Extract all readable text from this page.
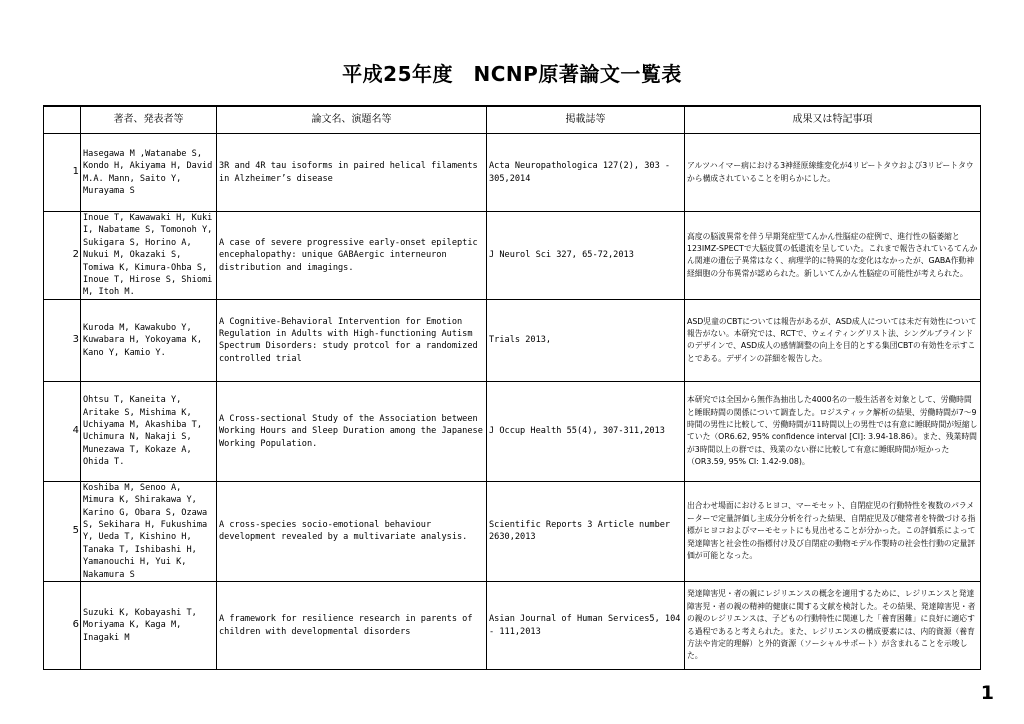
平成25年度　NCNP原著論文一覧表
	著者、発表者等	論文名、演題名等	掲載誌等	成果又は特記事項
1	Hasegawa M ,Watanabe S, Kondo H, Akiyama H, David M.A. Mann, Saito Y, Murayama S	3R and 4R tau isoforms in paired helical filaments in Alzheimer’s disease	Acta Neuropathologica 127(2), 303 - 305,2014	アルツハイマー病における3神経原線維変化が4リピートタウおよび3リピートタウから構成されていることを明らかにした。
2	Inoue T, Kawawaki H, Kuki I, Nabatame S, Tomonoh Y, Sukigara S, Horino A, Nukui M, Okazaki S, Tomiwa K, Kimura-Ohba S, Inoue T, Hirose S, Shiomi M, Itoh M.	A case of severe progressive early-onset epileptic encephalopathy: unique GABAergic interneuron distribution and imagings.	J Neurol Sci 327, 65-72,2013	高度の脳波異常を伴う早期発症型てんかん性脳症の症例で、進行性の脳萎縮と123IMZ-SPECTで大脳皮質の低還流を呈していた。これまで報告されているてんかん関連の遺伝子異常はなく、病理学的に特異的な変化はなかったが、GABA作動神経細胞の分布異常が認められた。新しいてんかん性脳症の可能性が考えられた。
3	Kuroda M, Kawakubo Y, Kuwabara H, Yokoyama K, Kano Y, Kamio Y.	A Cognitive-Behavioral Intervention for Emotion Regulation in Adults with High-functioning Autism Spectrum Disorders: study protcol for a randomized controlled trial	Trials 2013,	ASD児童のCBTについては報告があるが、ASD成人については未だ有効性について報告がない。本研究では、RCTで、ウェイティングリスト法、シングルブラインドのデザインで、ASD成人の感情調整の向上を目的とする集団CBTの有効性を示すことである。デザインの詳細を報告した。
4	Ohtsu T, Kaneita Y, Aritake S, Mishima K, Uchiyama M, Akashiba T, Uchimura N, Nakaji S, Munezawa T, Kokaze A, Ohida T.	A Cross-sectional Study of the Association between Working Hours and Sleep Duration among the Japanese Working Population.	J Occup Health 55(4), 307-311,2013	本研究では全国から無作為抽出した4000名の一般生活者を対象として、労働時間と睡眠時間の関係について調査した。ロジスティック解析の結果、労働時間が7～9時間の男性に比較して、労働時間が11時間以上の男性では有意に睡眠時間が短縮していた（OR6.62, 95% confidence interval [CI]: 3.94-18.86）。また、残業時間が3時間以上の群では、残業のない群に比較して有意に睡眠時間が短かった（OR3.59, 95% CI: 1.42-9.08)。
5	Koshiba M, Senoo A, Mimura K, Shirakawa Y, Karino G, Obara S, Ozawa S, Sekihara H, Fukushima Y, Ueda T, Kishino H, Tanaka T, Ishibashi H, Yamanouchi H, Yui K, Nakamura S	A cross-species socio-emotional behaviour development revealed by a multivariate analysis.	Scientific Reports 3 Article number 2630,2013	出合わせ場面におけるヒヨコ、マーモセット、自閉症児の行動特性を複数のパラメーターで定量評価し主成分分析を行った結果、自閉症児及び健常者を特徴づける指標がヒヨコおよびマーモセットにも見出せることが分かった。この評価系によって発達障害と社会性の指標付け及び自閉症の動物モデル作製時の社会性行動の定量評価が可能となった。
6	Suzuki K, Kobayashi T, Moriyama K, Kaga M, Inagaki M	A framework for resilience research in parents of children with developmental disorders	Asian Journal of Human Services5, 104 - 111,2013	発達障害児・者の親にレジリエンスの概念を適用するために、レジリエンスと発達障害児・者の親の精神的健康に関する文献を検討した。その結果、発達障害児・者の親のレジリエンスは、子どもの行動特性に関連した「養育困難」に良好に適応する過程であると考えられた。また、レジリエンスの構成要素には、内的資源（養育方法や肯定的理解）と外的資源（ソーシャルサポート）が含まれることを示唆した。
1
